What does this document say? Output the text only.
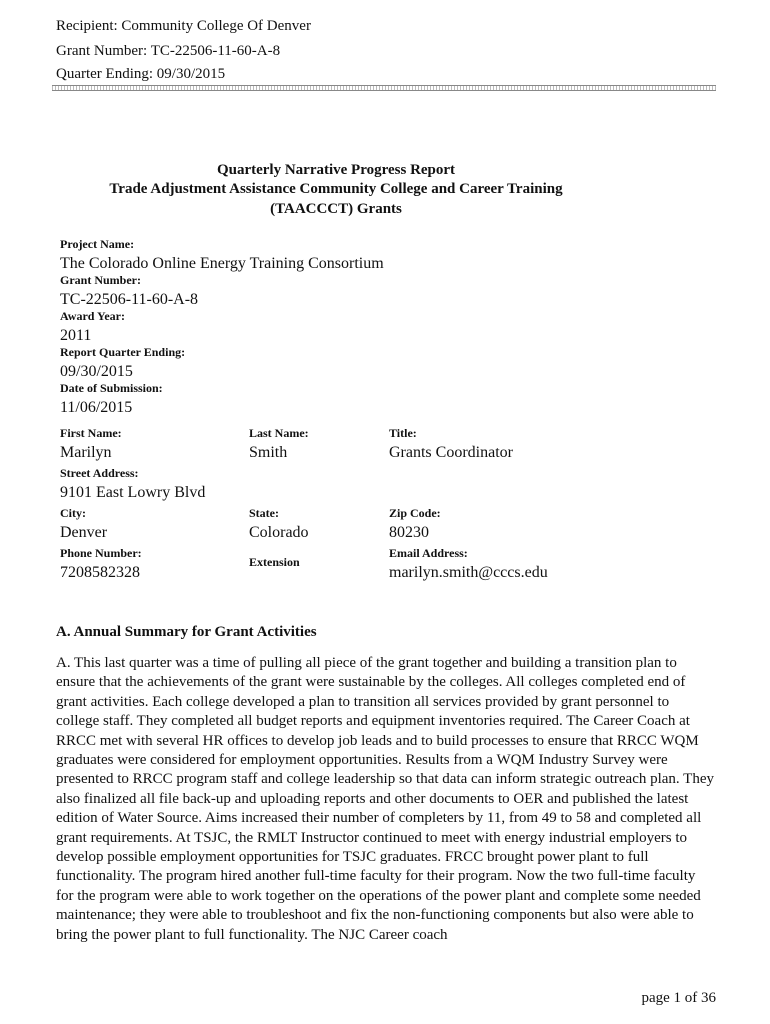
Recipient: Community College Of Denver
Grant Number: TC-22506-11-60-A-8
Quarter Ending: 09/30/2015
Quarterly Narrative Progress Report
Trade Adjustment Assistance Community College and Career Training
(TAACCCT) Grants
Project Name:
The Colorado Online Energy Training Consortium
Grant Number:
TC-22506-11-60-A-8
Award Year:
2011
Report Quarter Ending:
09/30/2015
Date of Submission:
11/06/2015
First Name:
Marilyn
Last Name:
Smith
Title:
Grants Coordinator
Street Address:
9101 East Lowry Blvd
City:
Denver
State:
Colorado
Zip Code:
80230
Phone Number:
7208582328
Extension
Email Address:
marilyn.smith@cccs.edu
A. Annual Summary for Grant Activities

A. This last quarter was a time of pulling all piece of the grant together and building a transition plan to ensure that the achievements of the grant were sustainable by the colleges. All colleges completed end of grant activities. Each college developed a plan to transition all services provided by grant personnel to college staff. They completed all budget reports and equipment inventories required. The Career Coach at RRCC met with several HR offices to develop job leads and to build processes to ensure that RRCC WQM graduates were considered for employment opportunities. Results from a WQM Industry Survey were presented to RRCC program staff and college leadership so that data can inform strategic outreach plan. They also finalized all file back-up and uploading reports and other documents to OER and published the latest edition of Water Source. Aims increased their number of completers by 11, from 49 to 58 and completed all grant requirements. At TSJC, the RMLT Instructor continued to meet with energy industrial employers to develop possible employment opportunities for TSJC graduates. FRCC brought power plant to full functionality. The program hired another full-time faculty for their program. Now the two full-time faculty for the program were able to work together on the operations of the power plant and complete some needed maintenance; they were able to troubleshoot and fix the non-functioning components but also were able to bring the power plant to full functionality. The NJC Career coach

page 1 of 36
